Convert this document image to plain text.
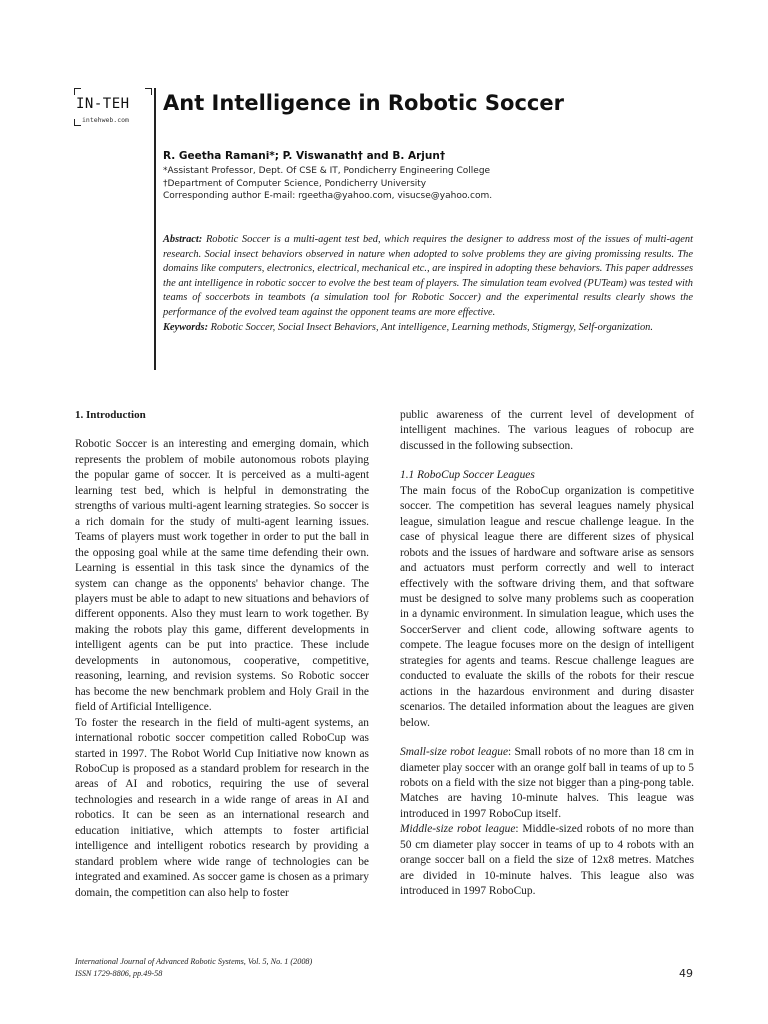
IN-TEH
intehweb.com
Ant Intelligence in Robotic Soccer
R. Geetha Ramani*; P. Viswanath† and B. Arjun†
*Assistant Professor, Dept. Of CSE & IT, Pondicherry Engineering College
†Department of Computer Science, Pondicherry University
Corresponding author E-mail: rgeetha@yahoo.com, visucse@yahoo.com.
Abstract: Robotic Soccer is a multi-agent test bed, which requires the designer to address most of the issues of multi-agent research. Social insect behaviors observed in nature when adopted to solve problems they are giving promissing results. The domains like computers, electronics, electrical, mechanical etc., are inspired in adopting these behaviors. This paper addresses the ant intelligence in robotic soccer to evolve the best team of players. The simulation team evolved (PUTeam) was tested with teams of soccerbots in teambots (a simulation tool for Robotic Soccer) and the experimental results clearly shows the performance of the evolved team against the opponent teams are more effective.
Keywords: Robotic Soccer, Social Insect Behaviors, Ant intelligence, Learning methods, Stigmergy, Self-organization.

1. Introduction

Robotic Soccer is an interesting and emerging domain, which represents the problem of mobile autonomous robots playing the popular game of soccer. It is perceived as a multi-agent learning test bed, which is helpful in demonstrating the strengths of various multi-agent learning strategies. So soccer is a rich domain for the study of multi-agent learning issues. Teams of players must work together in order to put the ball in the opposing goal while at the same time defending their own. Learning is essential in this task since the dynamics of the system can change as the opponents' behavior change. The players must be able to adapt to new situations and behaviors of different opponents. Also they must learn to work together. By making the robots play this game, different developments in intelligent agents can be put into practice. These include developments in autonomous, cooperative, competitive, reasoning, learning, and revision systems. So Robotic soccer has become the new benchmark problem and Holy Grail in the field of Artificial Intelligence.

To foster the research in the field of multi-agent systems, an international robotic soccer competition called RoboCup was started in 1997. The Robot World Cup Initiative now known as RoboCup is proposed as a standard problem for research in the areas of AI and robotics, requiring the use of several technologies and research in a wide range of areas in AI and robotics. It can be seen as an international research and education initiative, which attempts to foster artificial intelligence and intelligent robotics research by providing a standard problem where wide range of technologies can be integrated and examined. As soccer game is chosen as a primary domain, the competition can also help to foster

public awareness of the current level of development of intelligent machines. The various leagues of robocup are discussed in the following subsection.

1.1 RoboCup Soccer Leagues

The main focus of the RoboCup organization is competitive soccer. The competition has several leagues namely physical league, simulation league and rescue challenge league. In the case of physical league there are different sizes of physical robots and the issues of hardware and software arise as sensors and actuators must perform correctly and well to interact effectively with the software driving them, and that software must be designed to solve many problems such as cooperation in a dynamic environment. In simulation league, which uses the SoccerServer and client code, allowing software agents to compete. The league focuses more on the design of intelligent strategies for agents and teams. Rescue challenge leagues are conducted to evaluate the skills of the robots for their rescue actions in the hazardous environment and during disaster scenarios. The detailed information about the leagues are given below.

Small-size robot league: Small robots of no more than 18 cm in diameter play soccer with an orange golf ball in teams of up to 5 robots on a field with the size not bigger than a ping-pong table. Matches are having 10-minute halves. This league was introduced in 1997 RoboCup itself.

Middle-size robot league: Middle-sized robots of no more than 50 cm diameter play soccer in teams of up to 4 robots with an orange soccer ball on a field the size of 12x8 metres. Matches are divided in 10-minute halves. This league also was introduced in 1997 RoboCup.

International Journal of Advanced Robotic Systems, Vol. 5, No. 1 (2008)
ISSN 1729-8806, pp.49-58	49
